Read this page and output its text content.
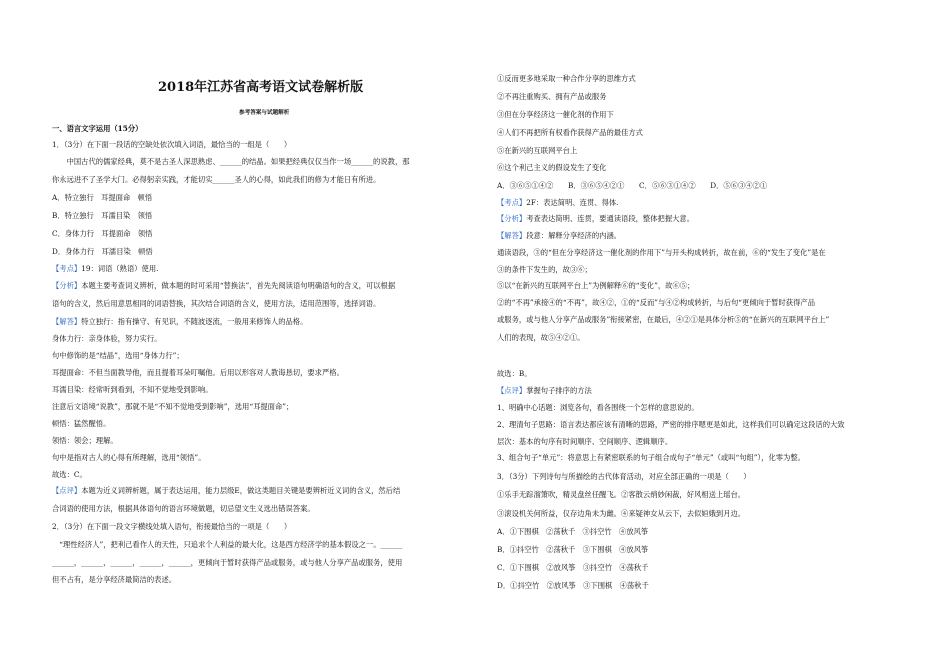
2018年江苏省高考语文试卷解析版
参考答案与试题解析
一、语言文字运用（15分）
1．（3分）在下面一段话的空缺处依次填入词语，最恰当的一组是（　　）
　　中国古代的儒家经典，莫不是古圣人深思熟虑、______的结晶。如果把经典仅仅当作一场______的说教，那
你永远进不了圣学大门。必得躬亲实践，才能切实______圣人的心得，如此我们的修为才能日有所进。
A．特立独行　耳提面命　顿悟
B．特立独行　耳濡目染　领悟
C．身体力行　耳提面命　领悟
D．身体力行　耳濡目染　顿悟
【考点】19：词语（熟语）使用.
【分析】本题主要考查词义辨析，做本题的时可采用“替换法”，首先先阅读语句明确语句的含义，可以根据
语句的含义，然后用意思相同的词语替换，其次结合词语的含义，使用方法，适用范围等，选择词语。
【解答】特立独行：指有操守、有见识，不随波逐流，一般用来修饰人的品格。
身体力行：亲身体验，努力实行。
句中修饰的是“结晶”，选用“身体力行”；
耳提面命：不但当面教导他，而且提着耳朵叮嘱他。后用以形容对人教诲恳切，要求严格。
耳濡目染：经常听到看到，不知不觉地受到影响。
注意后文语境“说教”，那就不是“不知不觉地受到影响”，选用“耳提面命”；
顿悟：猛然醒悟。
领悟：领会；理解。
句中是指对古人的心得有所理解，选用“领悟”。
故选：C。
【点评】本题为近义词辨析题，属于表达运用，能力层级E，做这类题目关键是要辨析近义词的含义，然后结
合词语的使用方法，根据具体语句的语言环境做题，切忌望文生义选出错误答案。
2．（3分）在下面一段文字横线处填入语句，衔接最恰当的一项是（　　）
　“理性经济人”，把利己看作人的天性，只追求个人利益的最大化，这是西方经济学的基本假设之一。______
______，______，______，______，______，更倾向于暂时获得产品或服务，或与他人分享产品或服务，使用
但不占有，是分享经济最简洁的表述。
①反而更多地采取一种合作分享的思维方式
②不再注重购买、拥有产品或服务
③但在分享经济这一催化剂的作用下
④人们不再把所有权看作获得产品的最佳方式
⑤在新兴的互联网平台上
⑥这个利己主义的假设发生了变化
A．③⑥⑤①④②　　B．③⑥⑤④②①　　C．⑤⑥③①④②　　D．⑤⑥③④②①
【考点】2F：表达简明、连贯、得体.
【分析】考查表达简明、连贯，要通读语段，整体把握大意。
【解答】段意：解释分享经济的内涵。
通读语段，③的“但在分享经济这一催化剂的作用下”与开头构成转折，故在前，⑥的“发生了变化”是在
③的条件下发生的，故③⑥；
⑤以“在新兴的互联网平台上”为例解释⑥的“变化”，故⑥⑤；
②的“不再”承接④的“不再”，故④②，①的“反而”与④②构成转折，与后句“更倾向于暂时获得产品
或服务，或与他人分享产品或服务”衔接紧密，在最后，④②①是具体分析⑤的“在新兴的互联网平台上”
人们的表现，故⑤④②①。
故选：B。
【点评】掌握句子排序的方法
1、明确中心话题：浏览各句，看各围绕一个怎样的意思说的。
2、理清句子思路：语言表达都应该有清晰的思路，严密的排序嗯更是如此，这样我们可以确定这段话的大致
层次：基本的句序有时间顺序、空间顺序、逻辑顺序。
3、组合句子“单元”：将意思上有紧密联系的句子组合成句子“单元”（或叫“句组”），化零为整。
3．（3分）下列诗句与所描绘的古代体育活动，对应全部正确的一项是（　　）
①乐手无踪溜箫吹，精灵盘丝任醒飞。②客散云绡妙闲裁，好风相送上瑶台。
③滚设机关何所益，仅存边角未为雌。④来疑神女从云下，去似姮娥到月边。
A．①下围棋　②荡秋千　③抖空竹　④放风筝
B．①抖空竹　②荡秋千　③下围棋　④放风筝
C．①下围棋　②放风筝　③抖空竹　④荡秋千
D．①抖空竹　②放风筝　③下围棋　④荡秋千
